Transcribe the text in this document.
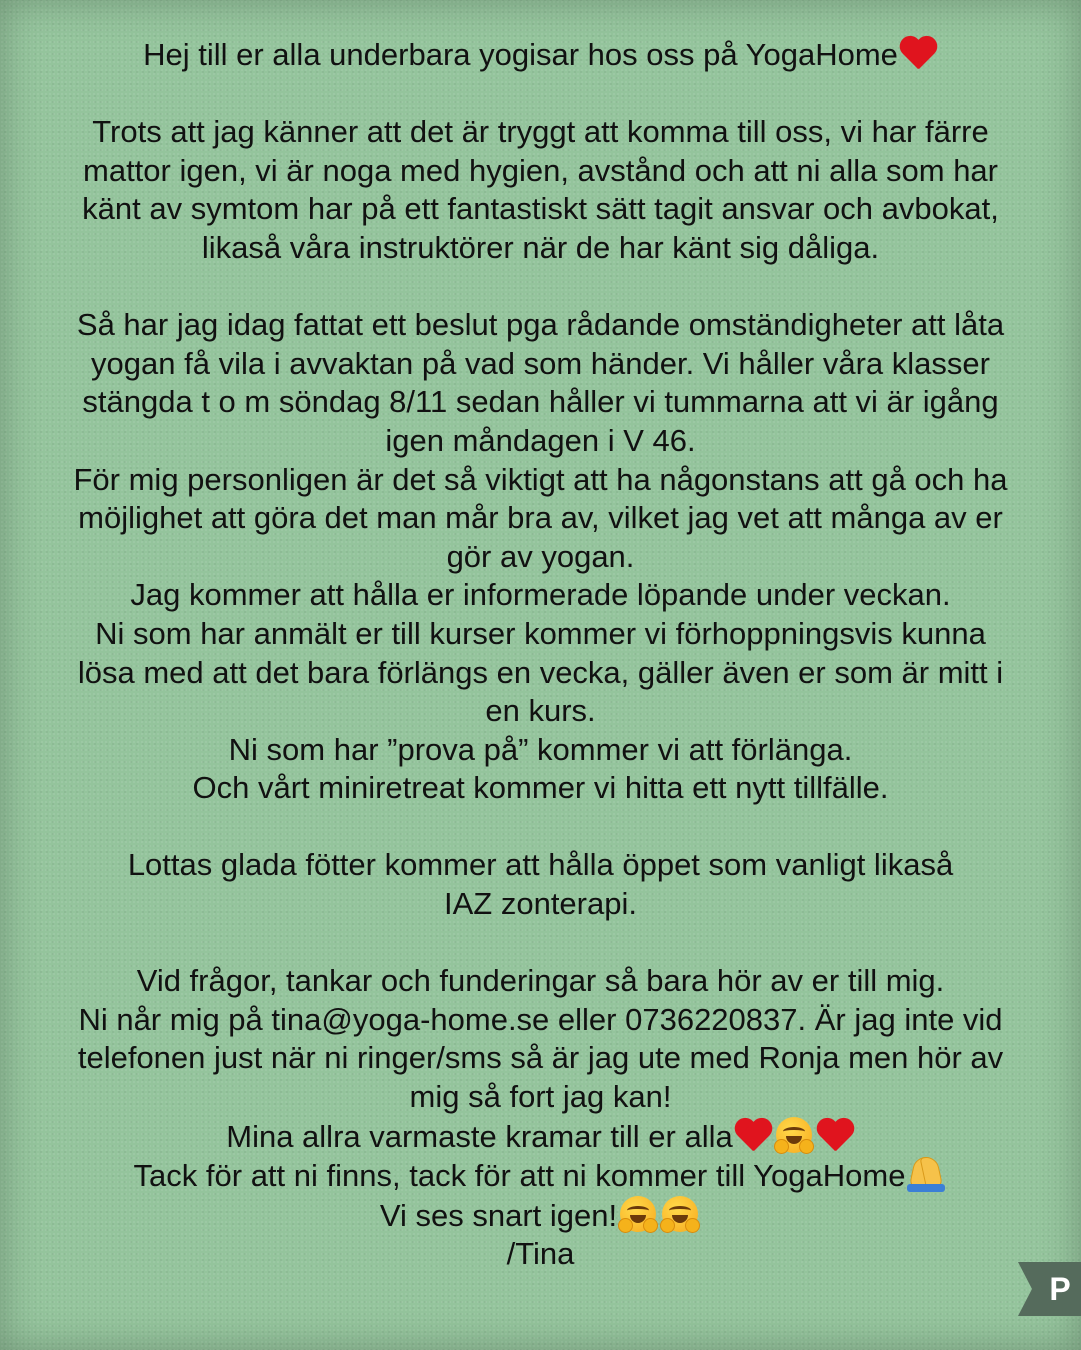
Hej till er alla underbara yogisar hos oss på YogaHome
Trots att jag känner att det är tryggt att komma till oss, vi har färre
mattor igen, vi är noga med hygien, avstånd och att ni alla som har
känt av symtom har på ett fantastiskt sätt tagit ansvar och avbokat,
likaså våra instruktörer när de har känt sig dåliga.
Så har jag idag fattat ett beslut pga rådande omständigheter att låta
yogan få vila i avvaktan på vad som händer. Vi håller våra klasser
stängda t o m söndag 8/11 sedan håller vi tummarna att vi är igång
igen måndagen i V 46.
För mig personligen är det så viktigt att ha någonstans att gå och ha
möjlighet att göra det man mår bra av, vilket jag vet att många av er
gör av yogan.
Jag kommer att hålla er informerade löpande under veckan.
Ni som har anmält er till kurser kommer vi förhoppningsvis kunna
lösa med att det bara förlängs en vecka, gäller även er som är mitt i
en kurs.
Ni som har ”prova på” kommer vi att förlänga.
Och vårt miniretreat kommer vi hitta ett nytt tillfälle.
Lottas glada fötter kommer att hålla öppet som vanligt likaså
IAZ zonterapi.
Vid frågor, tankar och funderingar så bara hör av er till mig.
Ni når mig på tina@yoga-home.se eller 0736220837. Är jag inte vid
telefonen just när ni ringer/sms så är jag ute med Ronja men hör av
mig så fort jag kan!
Mina allra varmaste kramar till er alla
Tack för att ni finns, tack för att ni kommer till YogaHome
Vi ses snart igen!
/Tina
P
